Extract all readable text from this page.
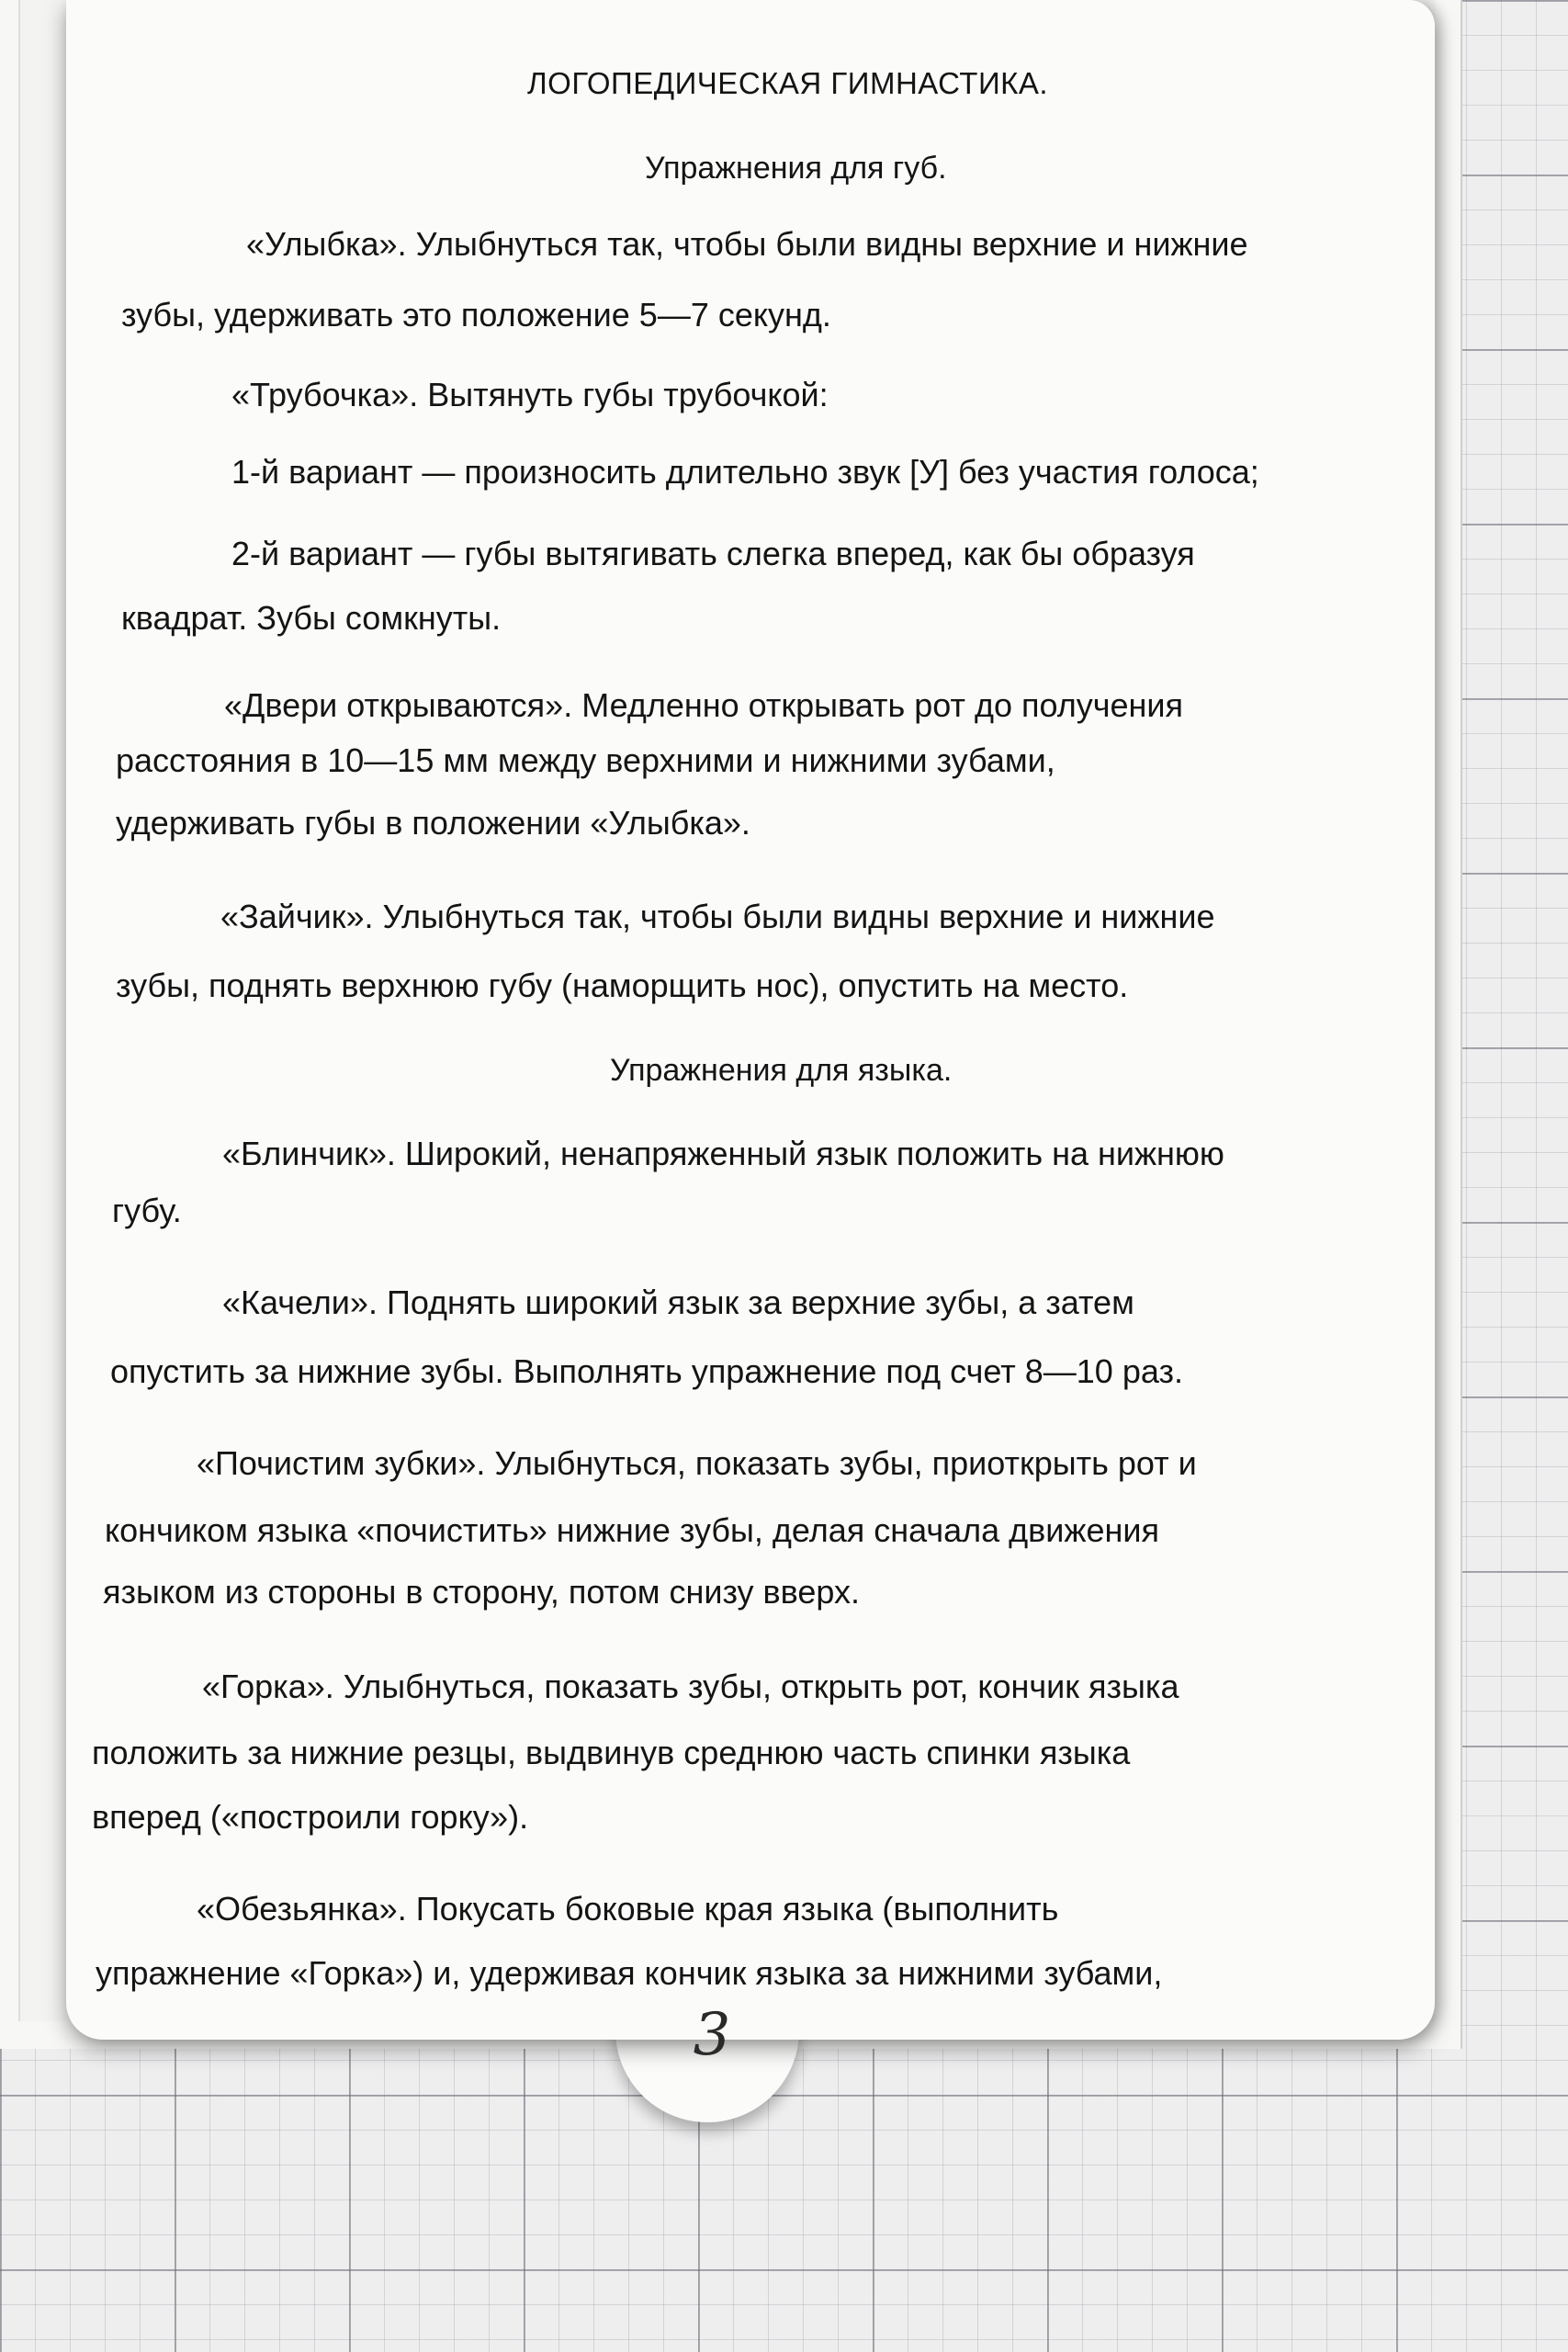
ЛОГОПЕДИЧЕСКАЯ ГИМНАСТИКА.
Упражнения для губ.
«Улыбка». Улыбнуться так, чтобы были видны верхние и нижние
зубы, удерживать это положение 5—7 секунд.
«Трубочка». Вытянуть губы трубочкой:
1-й вариант — произносить длительно звук [У] без участия голоса;
2-й вариант — губы вытягивать слегка вперед, как бы образуя
квадрат. Зубы сомкнуты.
«Двери открываются». Медленно открывать рот до получения
расстояния в 10—15 мм между верхними и нижними зубами,
удерживать губы в положении «Улыбка».
«Зайчик». Улыбнуться так, чтобы были видны верхние и нижние
зубы, поднять верхнюю губу (наморщить нос), опустить на место.
Упражнения для языка.
«Блинчик». Широкий, ненапряженный язык положить на нижнюю
губу.
«Качели». Поднять широкий язык за верхние зубы, а затем
опустить за нижние зубы. Выполнять упражнение под счет 8—10 раз.
«Почистим зубки». Улыбнуться, показать зубы, приоткрыть рот и
кончиком языка «почистить» нижние зубы, делая сначала движения
языком из стороны в сторону, потом снизу вверх.
«Горка». Улыбнуться, показать зубы, открыть рот, кончик языка
положить за нижние резцы, выдвинув среднюю часть спинки языка
вперед («построили горку»).
«Обезьянка». Покусать боковые края языка (выполнить
упражнение «Горка») и, удерживая кончик языка за нижними зубами,
3
